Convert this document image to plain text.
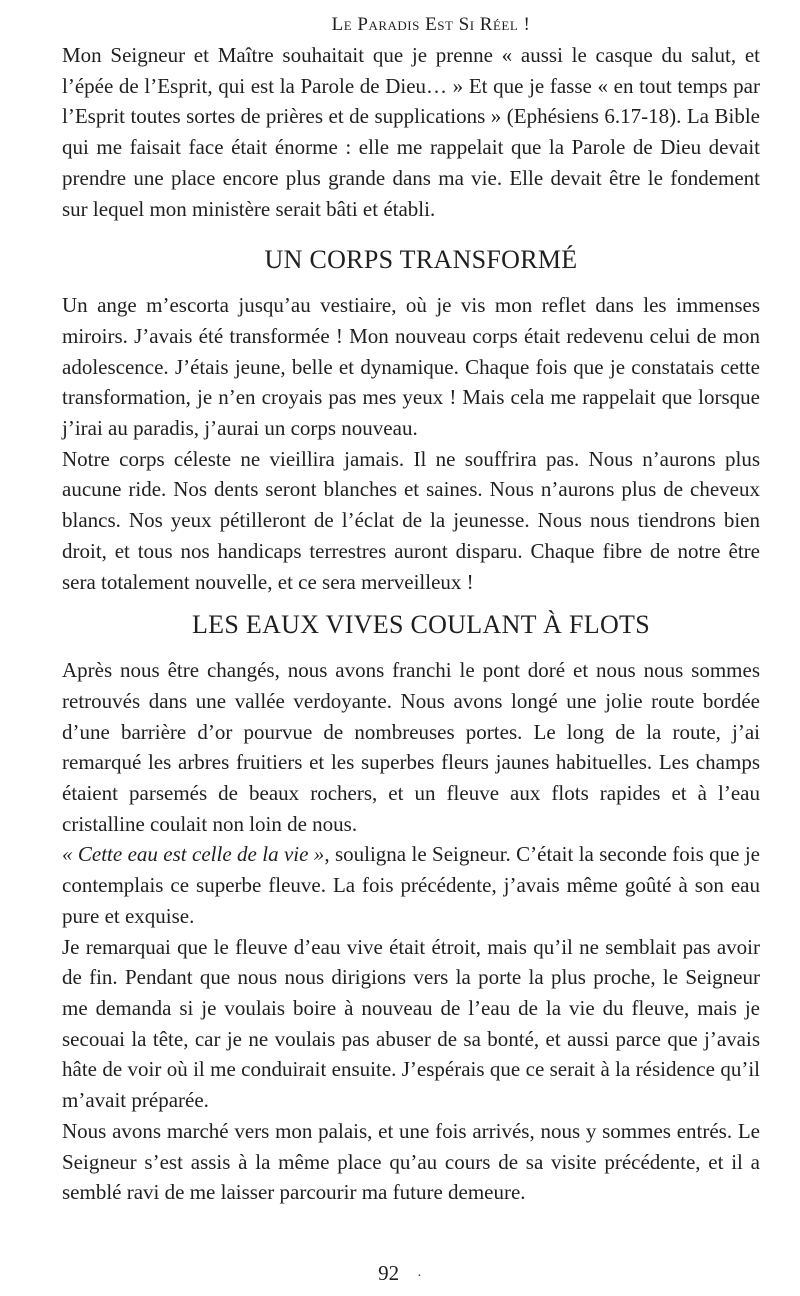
Le Paradis Est Si Réel !

Mon Seigneur et Maître souhaitait que je prenne « aussi le casque du salut, et l’épée de l’Esprit, qui est la Parole de Dieu… » Et que je fasse « en tout temps par l’Esprit toutes sortes de prières et de supplications » (Ephésiens 6.17-18). La Bible qui me faisait face était énorme : elle me rappelait que la Parole de Dieu devait prendre une place encore plus grande dans ma vie. Elle devait être le fondement sur lequel mon ministère serait bâti et établi.

UN CORPS TRANSFORMÉ

Un ange m’escorta jusqu’au vestiaire, où je vis mon reflet dans les immenses miroirs. J’avais été transformée ! Mon nouveau corps était redevenu celui de mon adolescence. J’étais jeune, belle et dynamique. Chaque fois que je constatais cette transformation, je n’en croyais pas mes yeux ! Mais cela me rappelait que lorsque j’irai au paradis, j’aurai un corps nouveau.

Notre corps céleste ne vieillira jamais. Il ne souffrira pas. Nous n’aurons plus aucune ride. Nos dents seront blanches et saines. Nous n’aurons plus de cheveux blancs. Nos yeux pétilleront de l’éclat de la jeunesse. Nous nous tiendrons bien droit, et tous nos handicaps terrestres auront disparu. Chaque fibre de notre être sera totalement nouvelle, et ce sera merveilleux !

LES EAUX VIVES COULANT À FLOTS

Après nous être changés, nous avons franchi le pont doré et nous nous sommes retrouvés dans une vallée verdoyante. Nous avons longé une jolie route bordée d’une barrière d’or pourvue de nombreuses portes. Le long de la route, j’ai remarqué les arbres fruitiers et les superbes fleurs jaunes habituelles. Les champs étaient parsemés de beaux rochers, et un fleuve aux flots rapides et à l’eau cristalline coulait non loin de nous.

« Cette eau est celle de la vie », souligna le Seigneur. C’était la seconde fois que je contemplais ce superbe fleuve. La fois précédente, j’avais même goûté à son eau pure et exquise.

Je remarquai que le fleuve d’eau vive était étroit, mais qu’il ne semblait pas avoir de fin. Pendant que nous nous dirigions vers la porte la plus proche, le Seigneur me demanda si je voulais boire à nouveau de l’eau de la vie du fleuve, mais je secouai la tête, car je ne voulais pas abuser de sa bonté, et aussi parce que j’avais hâte de voir où il me conduirait ensuite. J’espérais que ce serait à la résidence qu’il m’avait préparée.

Nous avons marché vers mon palais, et une fois arrivés, nous y sommes entrés. Le Seigneur s’est assis à la même place qu’au cours de sa visite précédente, et il a semblé ravi de me laisser parcourir ma future demeure.

92 ·
